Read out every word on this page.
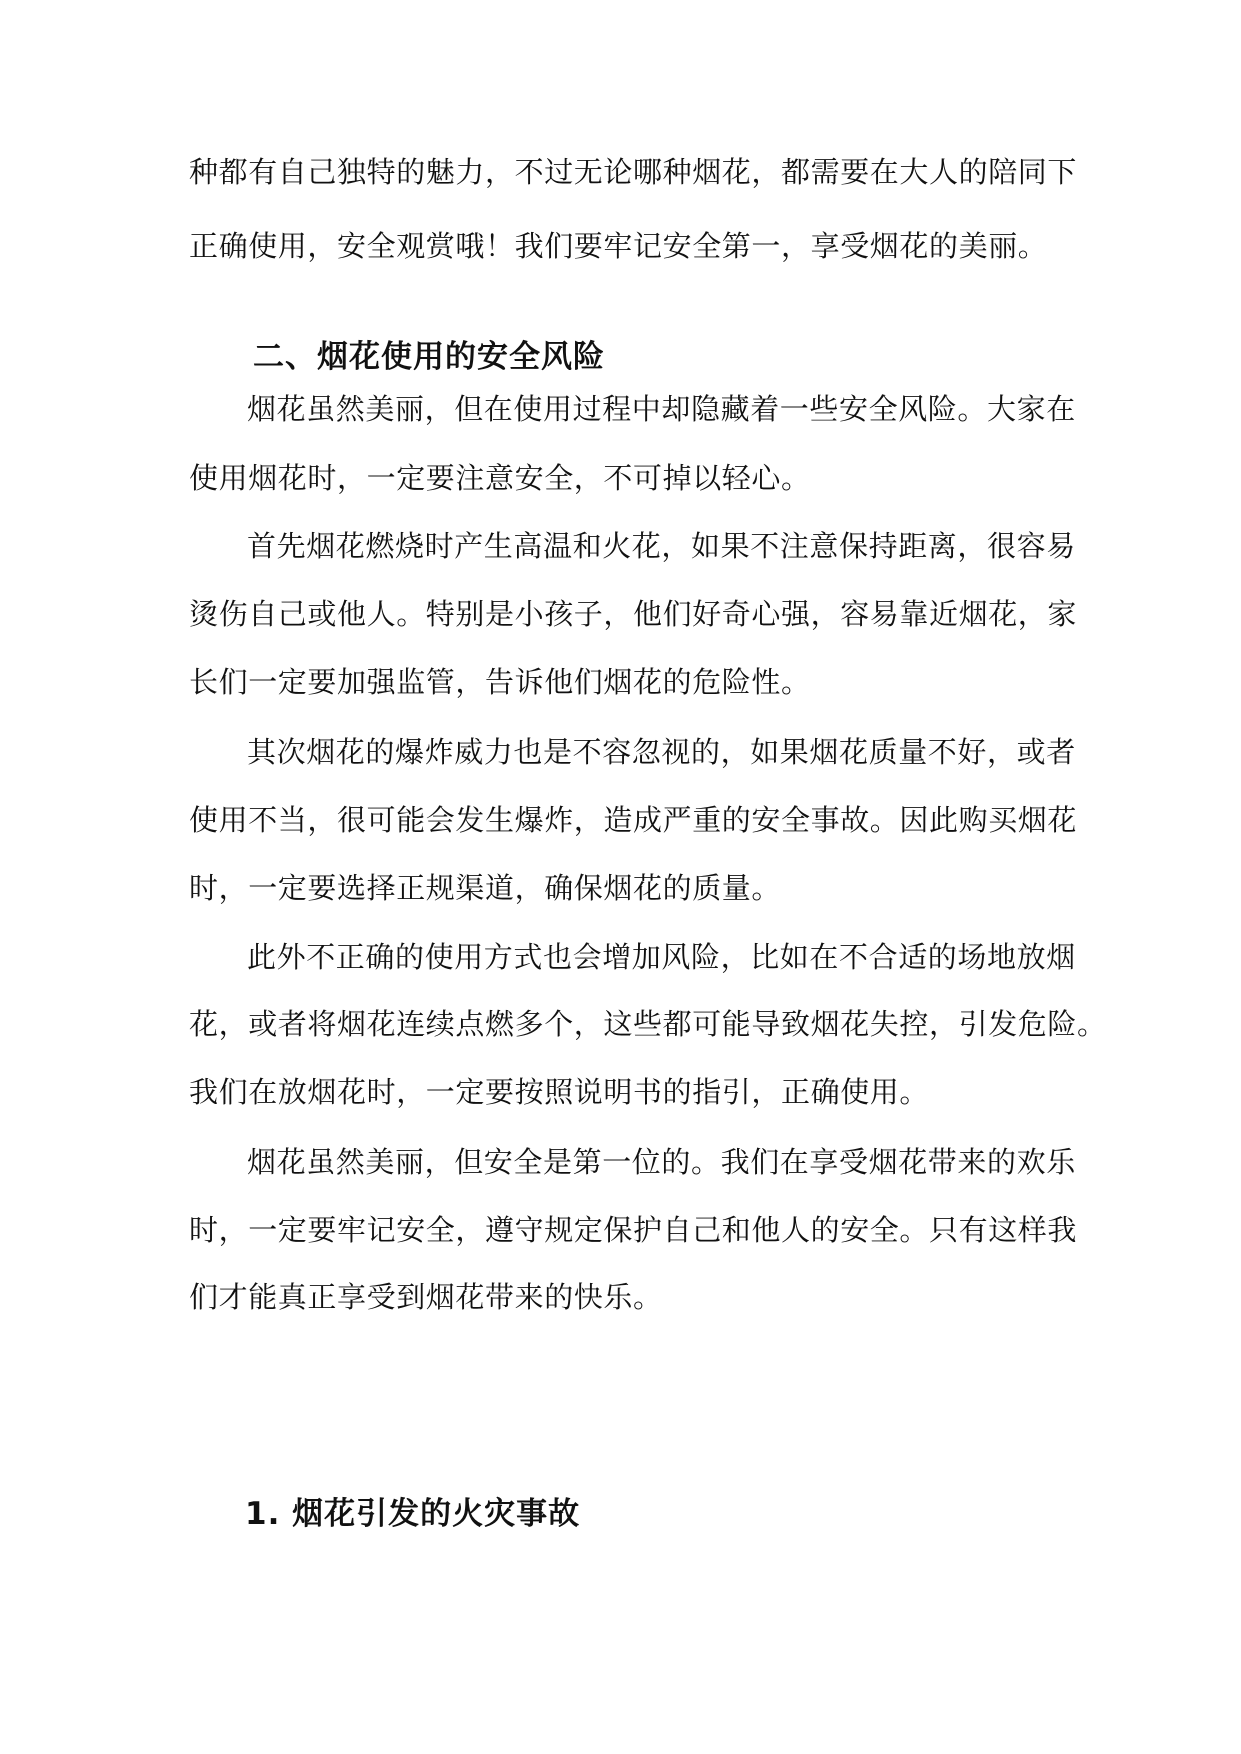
种都有自己独特的魅力，不过无论哪种烟花，都需要在大人的陪同下
正确使用，安全观赏哦！我们要牢记安全第一，享受烟花的美丽。
二、烟花使用的安全风险
烟花虽然美丽，但在使用过程中却隐藏着一些安全风险。大家在
使用烟花时，一定要注意安全，不可掉以轻心。
首先烟花燃烧时产生高温和火花，如果不注意保持距离，很容易
烫伤自己或他人。特别是小孩子，他们好奇心强，容易靠近烟花，家
长们一定要加强监管，告诉他们烟花的危险性。
其次烟花的爆炸威力也是不容忽视的，如果烟花质量不好，或者
使用不当，很可能会发生爆炸，造成严重的安全事故。因此购买烟花
时，一定要选择正规渠道，确保烟花的质量。
此外不正确的使用方式也会增加风险，比如在不合适的场地放烟
花，或者将烟花连续点燃多个，这些都可能导致烟花失控，引发危险。
我们在放烟花时，一定要按照说明书的指引，正确使用。
烟花虽然美丽，但安全是第一位的。我们在享受烟花带来的欢乐
时，一定要牢记安全，遵守规定保护自己和他人的安全。只有这样我
们才能真正享受到烟花带来的快乐。
1. 烟花引发的火灾事故
